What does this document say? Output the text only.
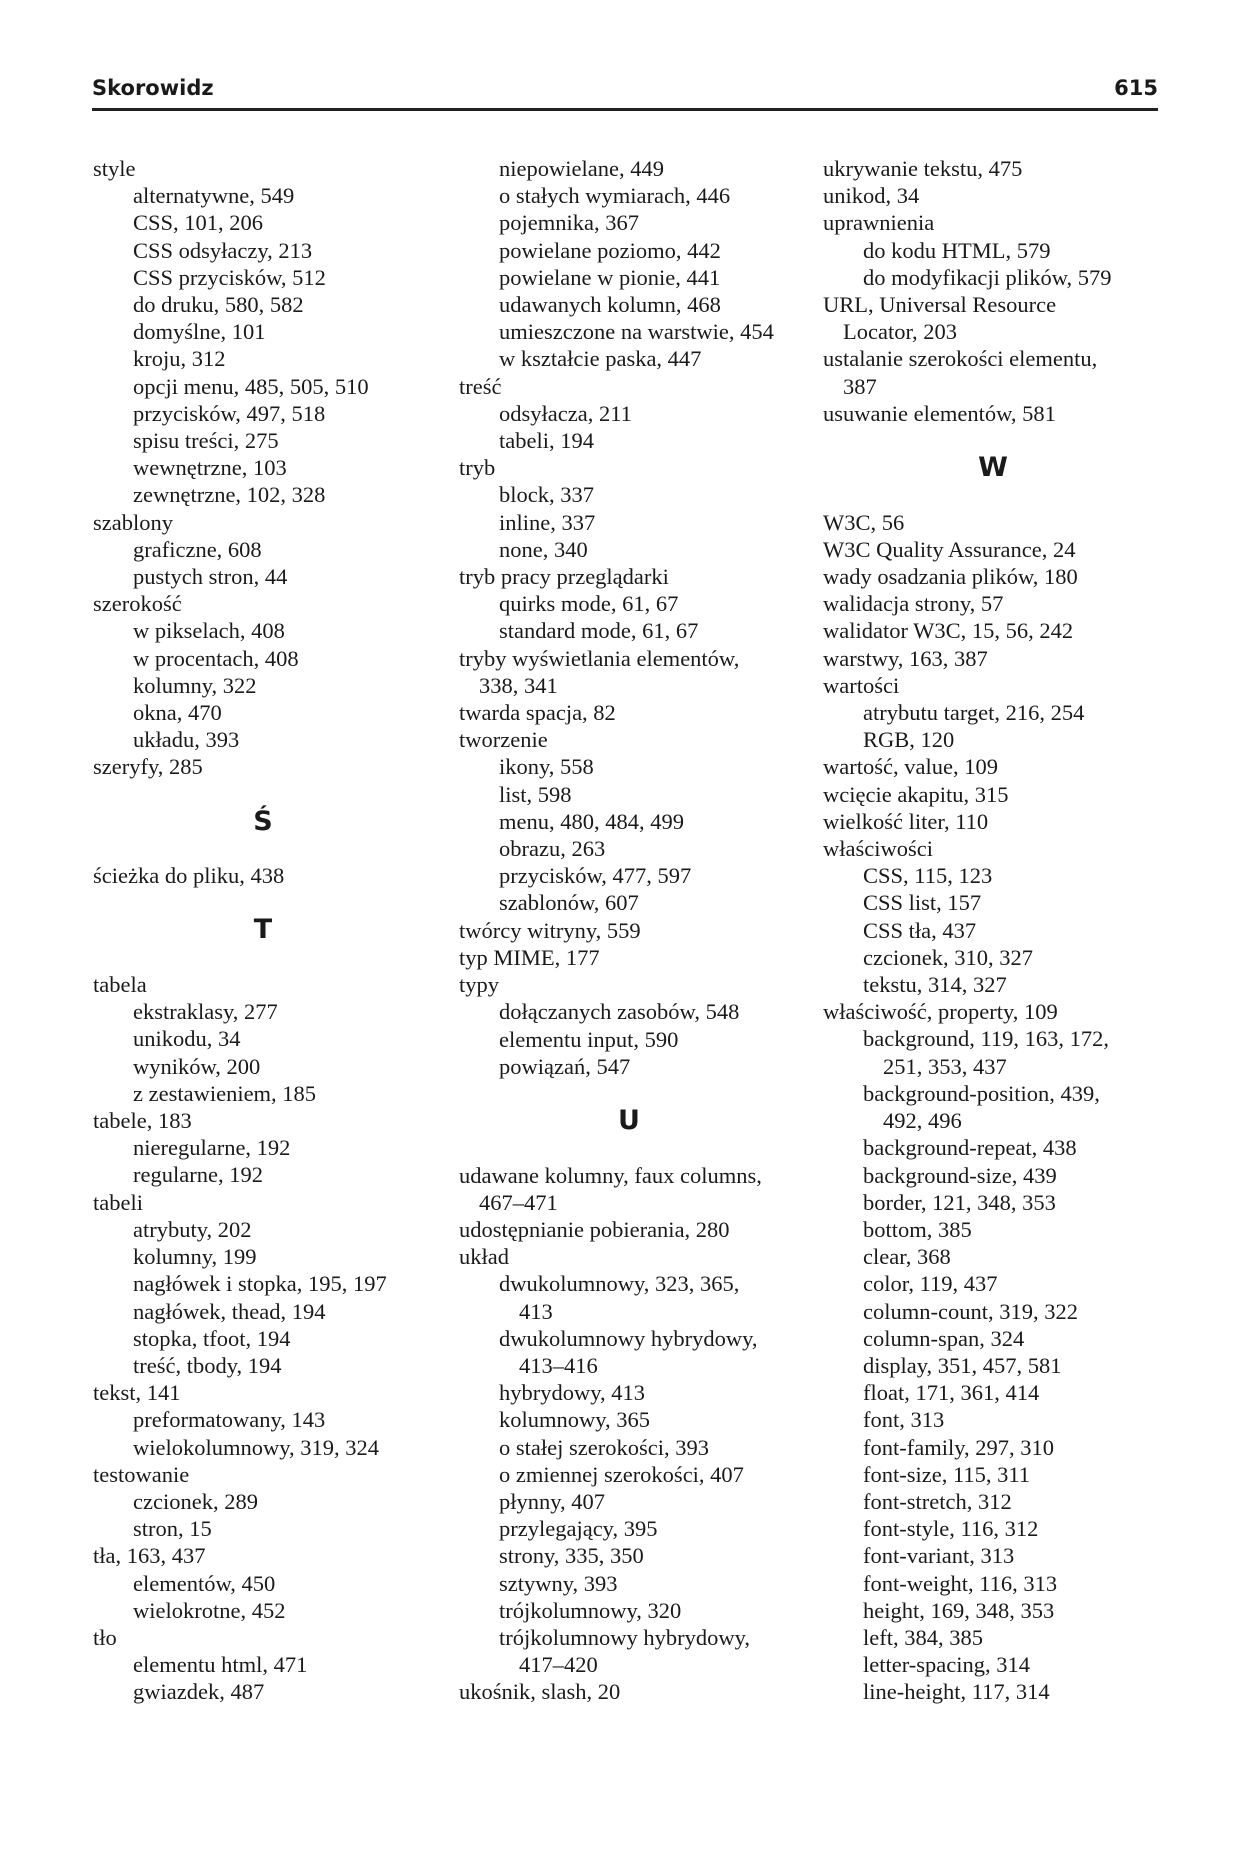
Skorowidz	615
style
alternatywne, 549
CSS, 101, 206
CSS odsyłaczy, 213
CSS przycisków, 512
do druku, 580, 582
domyślne, 101
kroju, 312
opcji menu, 485, 505, 510
przycisków, 497, 518
spisu treści, 275
wewnętrzne, 103
zewnętrzne, 102, 328
szablony
graficzne, 608
pustych stron, 44
szerokość
w pikselach, 408
w procentach, 408
kolumny, 322
okna, 470
układu, 393
szeryfy, 285
Ś
ścieżka do pliku, 438
T
tabela
ekstraklasy, 277
unikodu, 34
wyników, 200
z zestawieniem, 185
tabele, 183
nieregularne, 192
regularne, 192
tabeli
atrybuty, 202
kolumny, 199
nagłówek i stopka, 195, 197
nagłówek, thead, 194
stopka, tfoot, 194
treść, tbody, 194
tekst, 141
preformatowany, 143
wielokolumnowy, 319, 324
testowanie
czcionek, 289
stron, 15
tła, 163, 437
elementów, 450
wielokrotne, 452
tło
elementu html, 471
gwiazdek, 487
niepowielane, 449
o stałych wymiarach, 446
pojemnika, 367
powielane poziomo, 442
powielane w pionie, 441
udawanych kolumn, 468
umieszczone na warstwie, 454
w kształcie paska, 447
treść
odsyłacza, 211
tabeli, 194
tryb
block, 337
inline, 337
none, 340
tryb pracy przeglądarki
quirks mode, 61, 67
standard mode, 61, 67
tryby wyświetlania elementów,
338, 341
twarda spacja, 82
tworzenie
ikony, 558
list, 598
menu, 480, 484, 499
obrazu, 263
przycisków, 477, 597
szablonów, 607
twórcy witryny, 559
typ MIME, 177
typy
dołączanych zasobów, 548
elementu input, 590
powiązań, 547
U
udawane kolumny, faux columns,
467–471
udostępnianie pobierania, 280
układ
dwukolumnowy, 323, 365,
413
dwukolumnowy hybrydowy,
413–416
hybrydowy, 413
kolumnowy, 365
o stałej szerokości, 393
o zmiennej szerokości, 407
płynny, 407
przylegający, 395
strony, 335, 350
sztywny, 393
trójkolumnowy, 320
trójkolumnowy hybrydowy,
417–420
ukośnik, slash, 20
ukrywanie tekstu, 475
unikod, 34
uprawnienia
do kodu HTML, 579
do modyfikacji plików, 579
URL, Universal Resource
Locator, 203
ustalanie szerokości elementu,
387
usuwanie elementów, 581
W
W3C, 56
W3C Quality Assurance, 24
wady osadzania plików, 180
walidacja strony, 57
walidator W3C, 15, 56, 242
warstwy, 163, 387
wartości
atrybutu target, 216, 254
RGB, 120
wartość, value, 109
wcięcie akapitu, 315
wielkość liter, 110
właściwości
CSS, 115, 123
CSS list, 157
CSS tła, 437
czcionek, 310, 327
tekstu, 314, 327
właściwość, property, 109
background, 119, 163, 172,
251, 353, 437
background-position, 439,
492, 496
background-repeat, 438
background-size, 439
border, 121, 348, 353
bottom, 385
clear, 368
color, 119, 437
column-count, 319, 322
column-span, 324
display, 351, 457, 581
float, 171, 361, 414
font, 313
font-family, 297, 310
font-size, 115, 311
font-stretch, 312
font-style, 116, 312
font-variant, 313
font-weight, 116, 313
height, 169, 348, 353
left, 384, 385
letter-spacing, 314
line-height, 117, 314
